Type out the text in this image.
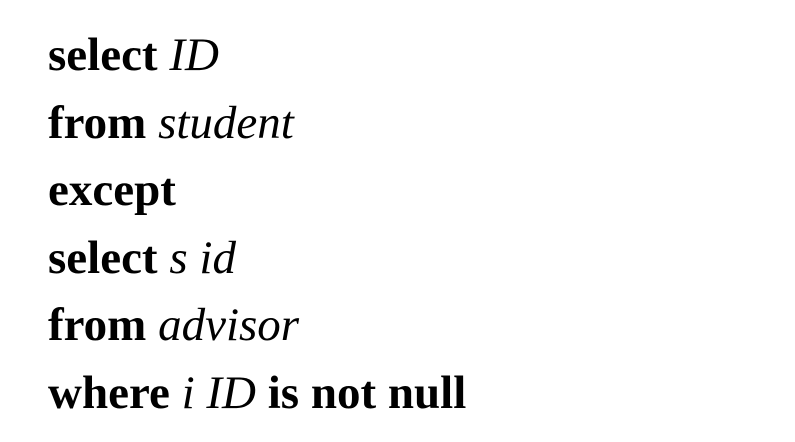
select ID
from student
except
select s id
from advisor
where i ID is not null
